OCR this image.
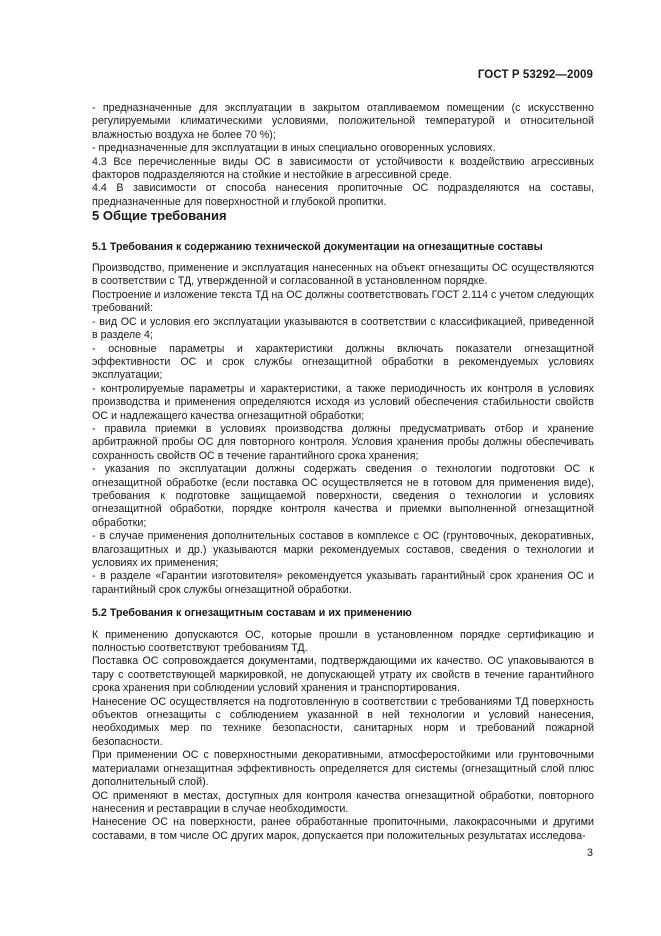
ГОСТ Р 53292—2009

- предназначенные для эксплуатации в закрытом отапливаемом помещении (с искусственно регулируемыми климатическими условиями, положительной температурой и относительной влажностью воздуха не более 70 %);

- предназначенные для эксплуатации в иных специально оговоренных условиях.

4.3 Все перечисленные виды ОС в зависимости от устойчивости к воздействию агрессивных факторов подразделяются на стойкие и нестойкие в агрессивной среде.

4.4 В зависимости от способа нанесения пропиточные ОС подразделяются на составы, предназначенные для поверхностной и глубокой пропитки.

5 Общие требования

5.1 Требования к содержанию технической документации на огнезащитные составы

Производство, применение и эксплуатация нанесенных на объект огнезащиты ОС осуществляются в соответствии с ТД, утвержденной и согласованной в установленном порядке.

Построение и изложение текста ТД на ОС должны соответствовать ГОСТ 2.114 с учетом следующих требований:

- вид ОС и условия его эксплуатации указываются в соответствии с классификацией, приведенной в разделе 4;

- основные параметры и характеристики должны включать показатели огнезащитной эффективности ОС и срок службы огнезащитной обработки в рекомендуемых условиях эксплуатации;

- контролируемые параметры и характеристики, а также периодичность их контроля в условиях производства и применения определяются исходя из условий обеспечения стабильности свойств ОС и надлежащего качества огнезащитной обработки;

- правила приемки в условиях производства должны предусматривать отбор и хранение арбитражной пробы ОС для повторного контроля. Условия хранения пробы должны обеспечивать сохранность свойств ОС в течение гарантийного срока хранения;

- указания по эксплуатации должны содержать сведения о технологии подготовки ОС к огнезащитной обработке (если поставка ОС осуществляется не в готовом для применения виде), требования к подготовке защищаемой поверхности, сведения о технологии и условиях огнезащитной обработки, порядке контроля качества и приемки выполненной огнезащитной обработки;

- в случае применения дополнительных составов в комплексе с ОС (грунтовочных, декоративных, влагозащитных и др.) указываются марки рекомендуемых составов, сведения о технологии и условиях их применения;

- в разделе «Гарантии изготовителя» рекомендуется указывать гарантийный срок хранения ОС и гарантийный срок службы огнезащитной обработки.

5.2 Требования к огнезащитным составам и их применению

К применению допускаются ОС, которые прошли в установленном порядке сертификацию и полностью соответствуют требованиям ТД.

Поставка ОС сопровождается документами, подтверждающими их качество. ОС упаковываются в тару с соответствующей маркировкой, не допускающей утрату их свойств в течение гарантийного срока хранения при соблюдении условий хранения и транспортирования.

Нанесение ОС осуществляется на подготовленную в соответствии с требованиями ТД поверхность объектов огнезащиты с соблюдением указанной в ней технологии и условий нанесения, необходимых мер по технике безопасности, санитарных норм и требований пожарной безопасности.

При применении ОС с поверхностными декоративными, атмосферостойкими или грунтовочными материалами огнезащитная эффективность определяется для системы (огнезащитный слой плюс дополнительный слой).

ОС применяют в местах, доступных для контроля качества огнезащитной обработки, повторного нанесения и реставрации в случае необходимости.

Нанесение ОС на поверхности, ранее обработанные пропиточными, лакокрасочными и другими составами, в том числе ОС других марок, допускается при положительных результатах исследова-

3
